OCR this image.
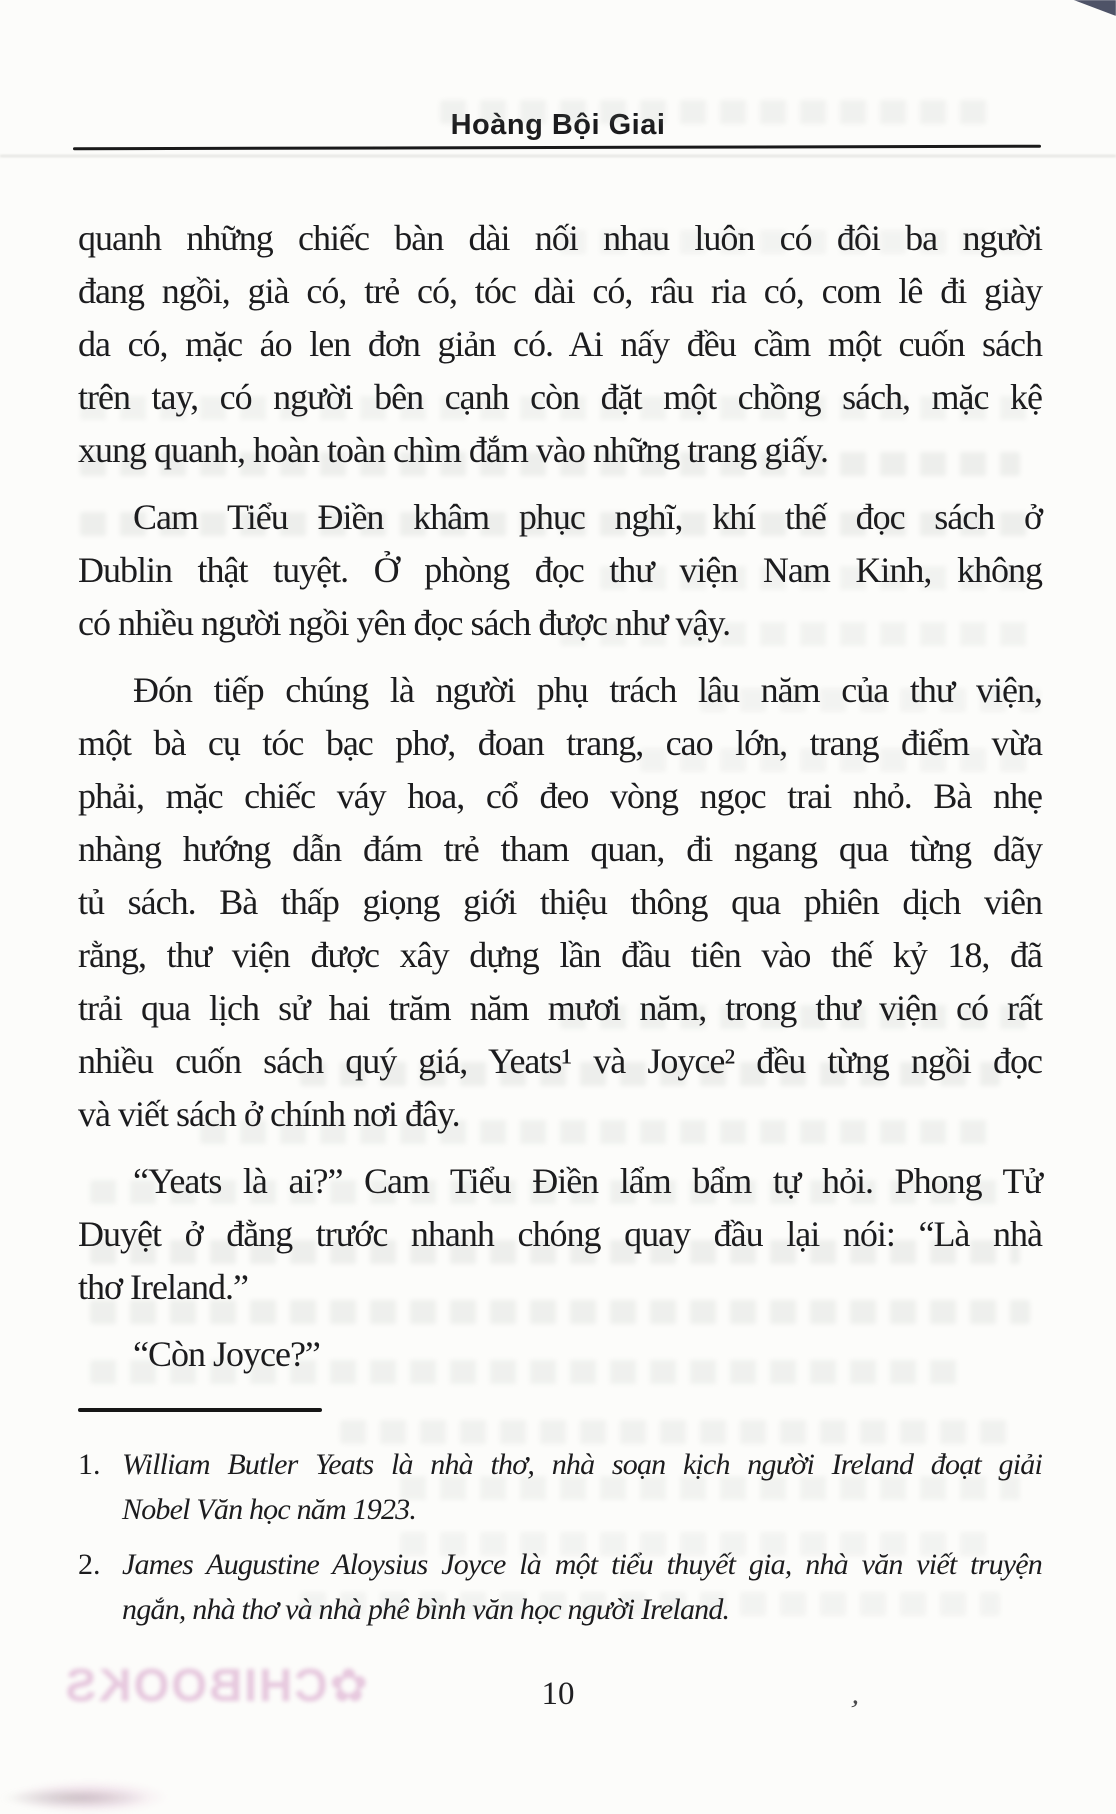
Hoàng Bội Giai
quanh những chiếc bàn dài nối nhau luôn có đôi ba người
đang ngồi, già có, trẻ có, tóc dài có, râu ria có, com lê đi giày
da có, mặc áo len đơn giản có. Ai nấy đều cầm một cuốn sách
trên tay, có người bên cạnh còn đặt một chồng sách, mặc kệ
xung quanh, hoàn toàn chìm đắm vào những trang giấy.
Cam Tiểu Điền khâm phục nghĩ, khí thế đọc sách ở
Dublin thật tuyệt. Ở phòng đọc thư viện Nam Kinh, không
có nhiều người ngồi yên đọc sách được như vậy.
Đón tiếp chúng là người phụ trách lâu năm của thư viện,
một bà cụ tóc bạc phơ, đoan trang, cao lớn, trang điểm vừa
phải, mặc chiếc váy hoa, cổ đeo vòng ngọc trai nhỏ. Bà nhẹ
nhàng hướng dẫn đám trẻ tham quan, đi ngang qua từng dãy
tủ sách. Bà thấp giọng giới thiệu thông qua phiên dịch viên
rằng, thư viện được xây dựng lần đầu tiên vào thế kỷ 18, đã
trải qua lịch sử hai trăm năm mươi năm, trong thư viện có rất
nhiều cuốn sách quý giá, Yeats¹ và Joyce² đều từng ngồi đọc
và viết sách ở chính nơi đây.
“Yeats là ai?” Cam Tiểu Điền lẩm bẩm tự hỏi. Phong Tử
Duyệt ở đằng trước nhanh chóng quay đầu lại nói: “Là nhà
thơ Ireland.”
“Còn Joyce?”
1. William Butler Yeats là nhà thơ, nhà soạn kịch người Ireland đoạt giải
Nobel Văn học năm 1923.
2. James Augustine Aloysius Joyce là một tiểu thuyết gia, nhà văn viết truyện
ngắn, nhà thơ và nhà phê bình văn học người Ireland.
10
✿CHIBOOKS	’
